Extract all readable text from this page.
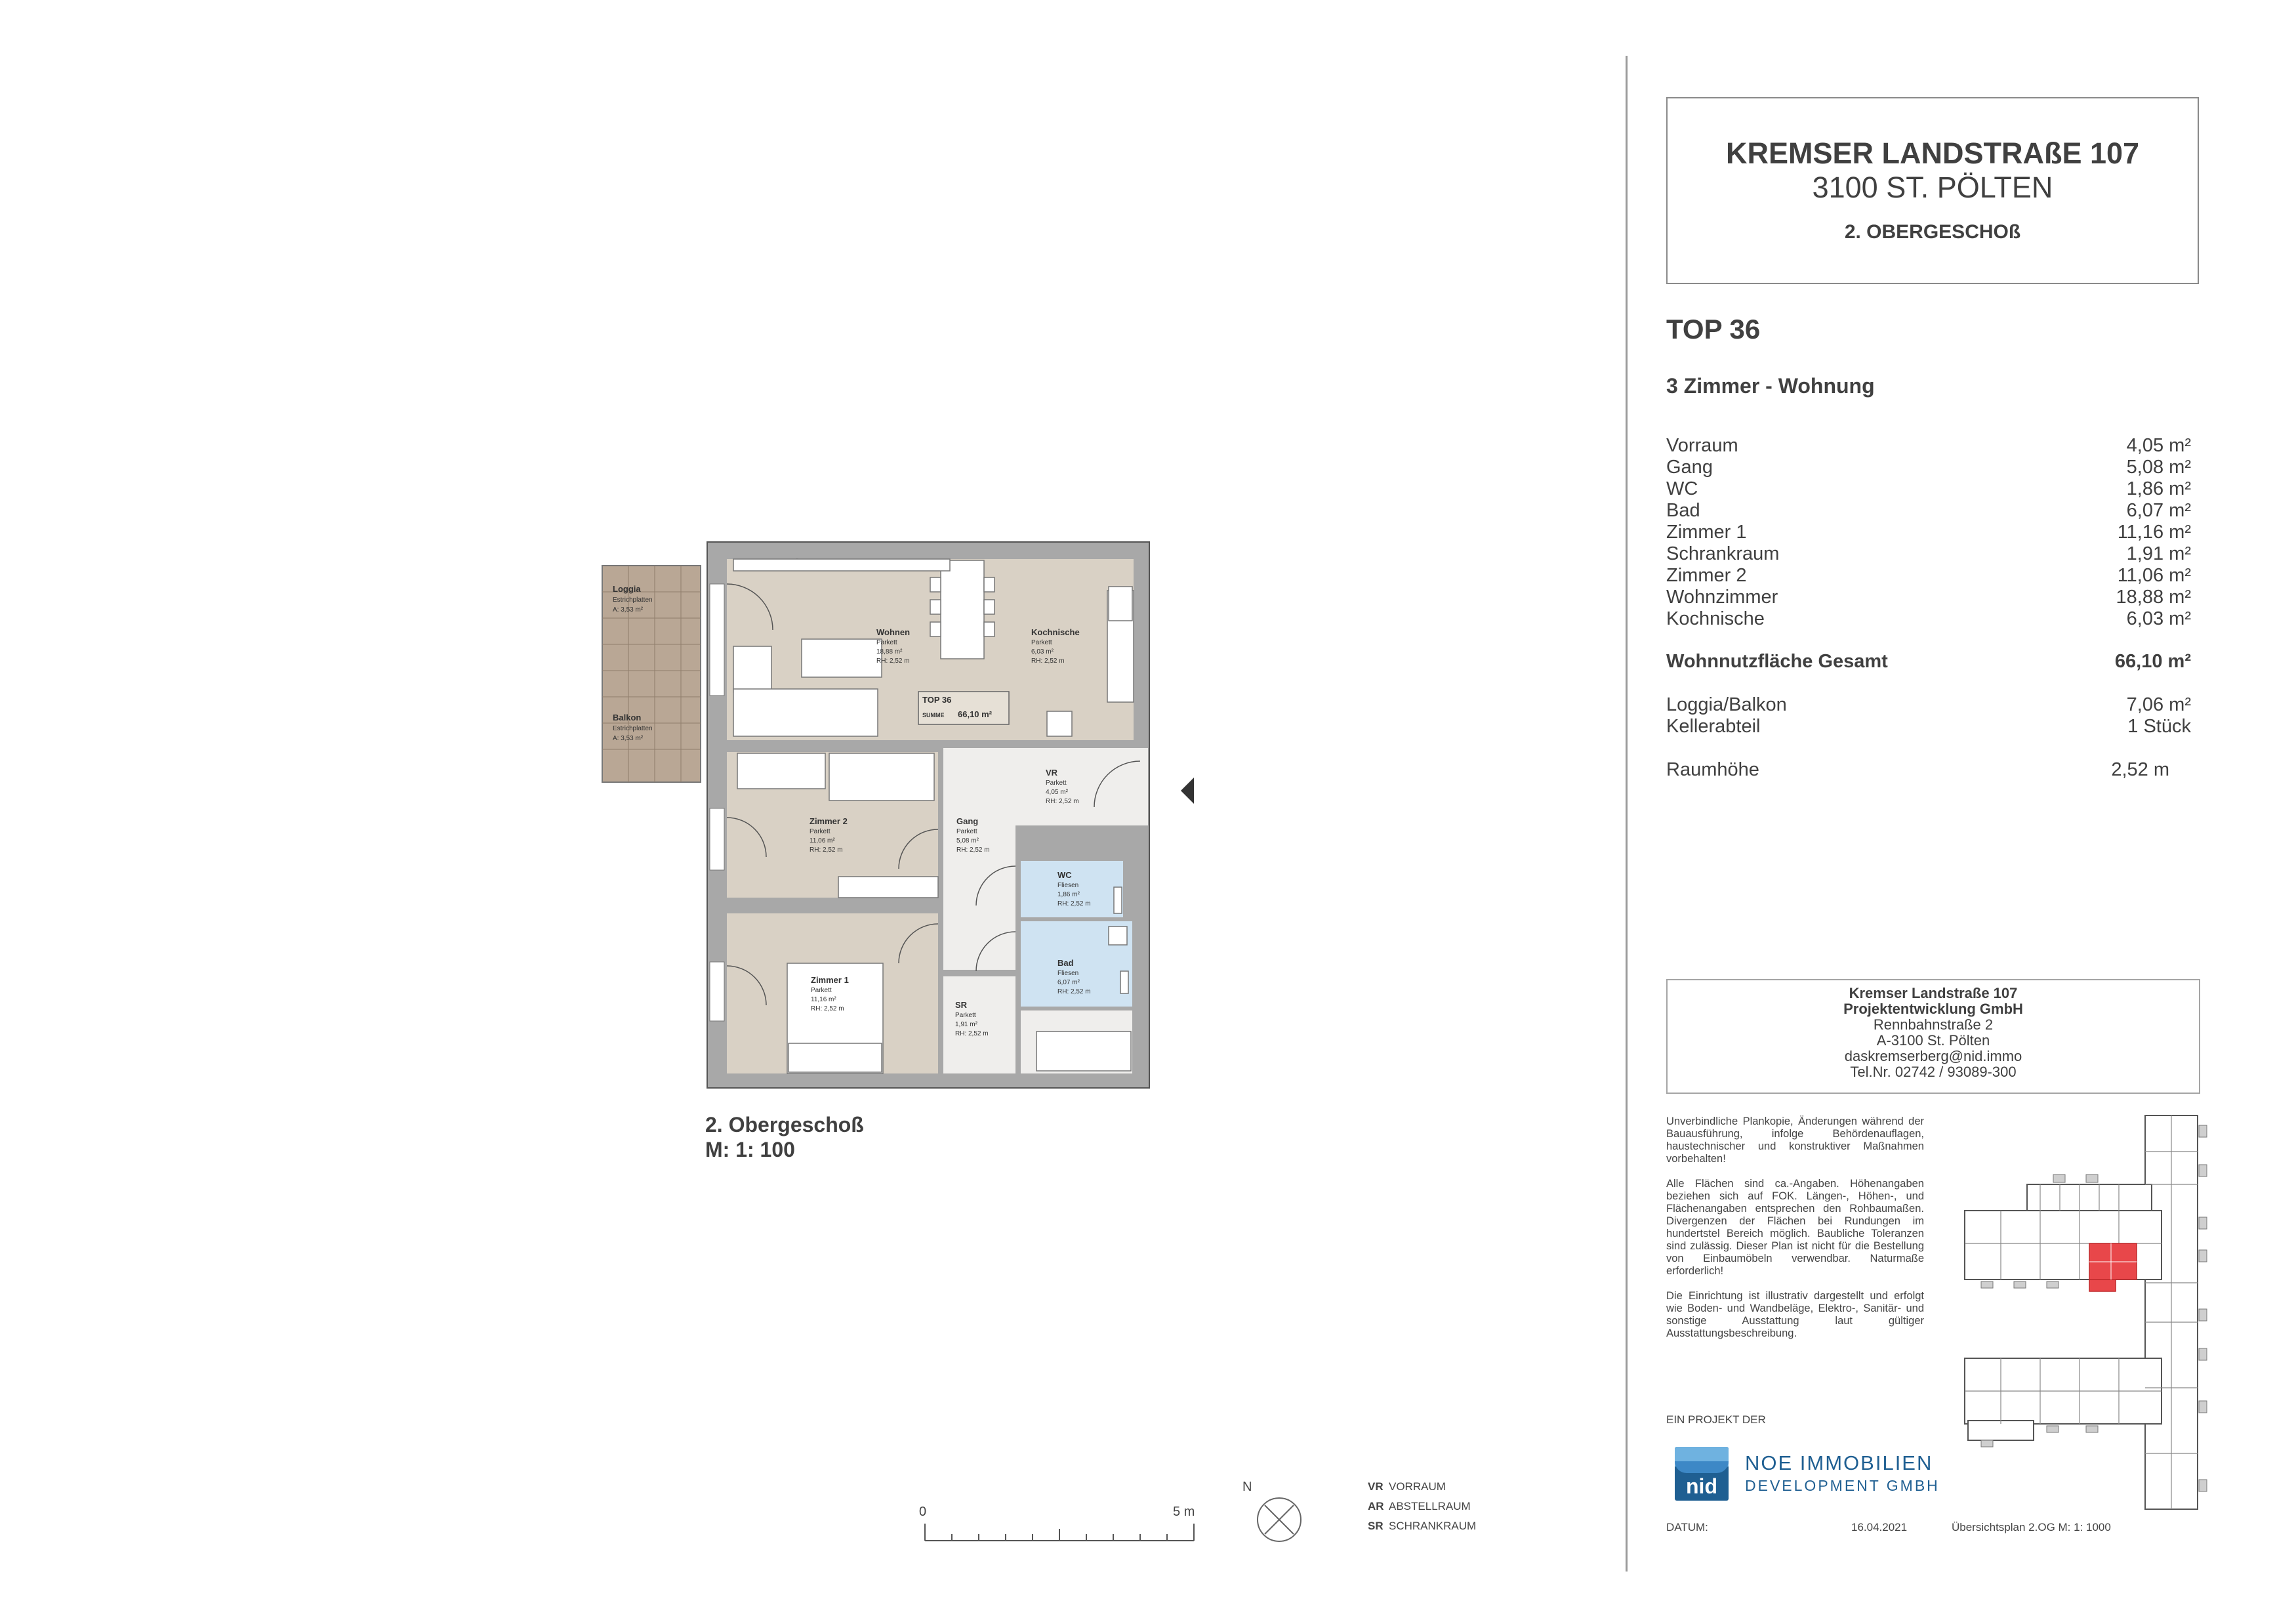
TOP 36
SUMME 66,10 m²
Loggia
Estrichplatten
A: 3,53 m²
Balkon
Estrichplatten
A: 3,53 m²
Wohnen
Parkett
18,88 m²
RH: 2,52 m
Kochnische
Parkett
6,03 m²
RH: 2,52 m
VR
Parkett
4,05 m²
RH: 2,52 m
Zimmer 2
Parkett
11,06 m²
RH: 2,52 m
Gang
Parkett
5,08 m²
RH: 2,52 m
WC
Fliesen
1,86 m²
RH: 2,52 m
Bad
Fliesen
6,07 m²
RH: 2,52 m
Zimmer 1
Parkett
11,16 m²
RH: 2,52 m	SR
Parkett
1,91 m²
RH: 2,52 m
0	5 m
N
2. Obergeschoß
M: 1: 100
VR VORRAUM
AR ABSTELLRAUM
SR SCHRANKRAUM
KREMSER LANDSTRAßE 107
3100 ST. PÖLTEN
2. OBERGESCHOß
TOP 36
3 Zimmer - Wohnung
Vorraum	4,05 m²
Gang	5,08 m²
WC	1,86 m²
Bad	6,07 m²
Zimmer 1	11,16 m²
Schrankraum	1,91 m²
Zimmer 2	11,06 m²
Wohnzimmer	18,88 m²
Kochnische	6,03 m²
Wohnnutzfläche Gesamt	66,10 m²
Loggia/Balkon	7,06 m²
Kellerabteil	1 Stück
Raumhöhe	2,52 m
Kremser Landstraße 107
Projektentwicklung GmbH
Rennbahnstraße 2
A-3100 St. Pölten
daskremserberg@nid.immo
Tel.Nr. 02742 / 93089-300

Unverbindliche Plankopie, Änderungen während der Bauausführung, infolge Behördenauflagen, haustechnischer und konstruktiver Maßnahmen vorbehalten!

Alle Flächen sind ca.-Angaben. Höhenangaben beziehen sich auf FOK. Längen-, Höhen-, und Flächenangaben entsprechen den Rohbaumaßen. Divergenzen der Flächen bei Rundungen im hundertstel Bereich möglich. Baubliche Toleranzen sind zulässig. Dieser Plan ist nicht für die Bestellung von Einbaumöbeln verwendbar. Naturmaße erforderlich!

Die Einrichtung ist illustrativ dargestellt und erfolgt wie Boden- und Wandbeläge, Elektro-, Sanitär- und sonstige Ausstattung laut gültiger Ausstattungsbeschreibung.

EIN PROJEKT DER
nid
NOE IMMOBILIEN
DEVELOPMENT GMBH
DATUM:	16.04.2021	Übersichtsplan 2.OG M: 1: 1000
